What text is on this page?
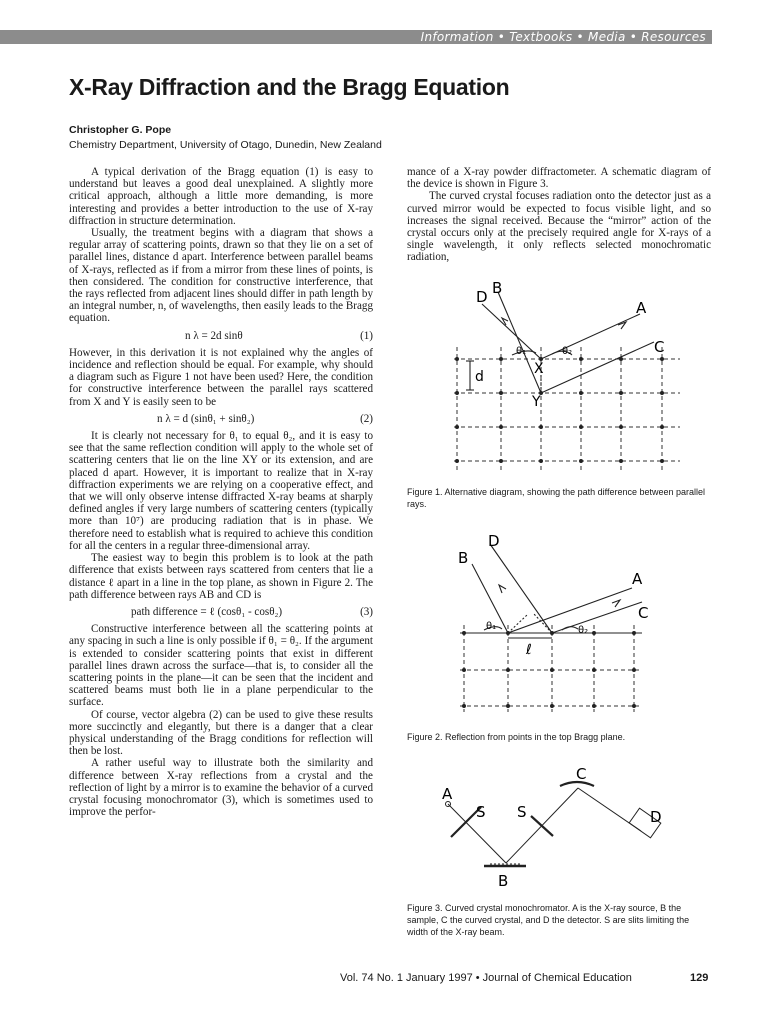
Information • Textbooks • Media • Resources
X-Ray Diffraction and the Bragg Equation
Christopher G. Pope
Chemistry Department, University of Otago, Dunedin, New Zealand

A typical derivation of the Bragg equation (1) is easy to understand but leaves a good deal unexplained. A slightly more critical approach, although a little more demanding, is more interesting and provides a better introduction to the use of X-ray diffraction in structure determination.

Usually, the treatment begins with a diagram that shows a regular array of scattering points, drawn so that they lie on a set of parallel lines, distance d apart. Interference between parallel beams of X-rays, reflected as if from a mirror from these lines of points, is then considered. The condition for constructive interference, that the rays reflected from adjacent lines should differ in path length by an integral number, n, of wavelengths, then easily leads to the Bragg equation.

n λ = 2d sinθ	(1)

However, in this derivation it is not explained why the angles of incidence and reflection should be equal. For example, why should a diagram such as Figure 1 not have been used? Here, the condition for constructive interference between the parallel rays scattered from X and Y is easily seen to be

n λ = d (sinθ₁ + sinθ₂)	(2)

It is clearly not necessary for θ₁ to equal θ₂, and it is easy to see that the same reflection condition will apply to the whole set of scattering centers that lie on the line XY or its extension, and are placed d apart. However, it is important to realize that in X-ray diffraction experiments we are relying on a cooperative effect, and that we will only observe intense diffracted X-ray beams at sharply defined angles if very large numbers of scattering centers (typically more than 10⁷) are producing radiation that is in phase. We therefore need to establish what is required to achieve this condition for all the centers in a regular three-dimensional array.

The easiest way to begin this problem is to look at the path difference that exists between rays scattered from centers that lie a distance ℓ apart in a line in the top plane, as shown in Figure 2. The path difference between rays AB and CD is

path difference = ℓ (cosθ₁ - cosθ₂)	(3)

Constructive interference between all the scattering points at any spacing in such a line is only possible if θ₁ = θ₂. If the argument is extended to consider scattering points that exist in different parallel lines drawn across the surface—that is, to consider all the scattering points in the plane—it can be seen that the incident and scattered beams must both lie in a plane perpendicular to the surface.

Of course, vector algebra (2) can be used to give these results more succinctly and elegantly, but there is a danger that a clear physical understanding of the Bragg conditions for reflection will then be lost.

A rather useful way to illustrate both the similarity and difference between X-ray reflections from a crystal and the reflection of light by a mirror is to examine the behavior of a curved crystal focusing monochromator (3), which is sometimes used to improve the perfor-

mance of a X-ray powder diffractometer. A schematic diagram of the device is shown in Figure 3.

The curved crystal focuses radiation onto the detector just as a curved mirror would be expected to focus visible light, and so increases the signal received. Because the “mirror” action of the crystal occurs only at the precisely required angle for X-rays of a single wavelength, it only reflects selected monochromatic radiation,

D B
A
C
d	X
Y
θ₁	θ₂
Figure 1. Alternative diagram, showing the path difference between parallel rays.
B
D
A
C
ℓ
θ₁	θ₂
Figure 2. Reflection from points in the top Bragg plane.
A
S S
B
C
D
Figure 3. Curved crystal monochromator. A is the X-ray source, B the sample, C the curved crystal, and D the detector. S are slits limiting the width of the X-ray beam.
Vol. 74 No. 1 January 1997 • Journal of Chemical Education	129
